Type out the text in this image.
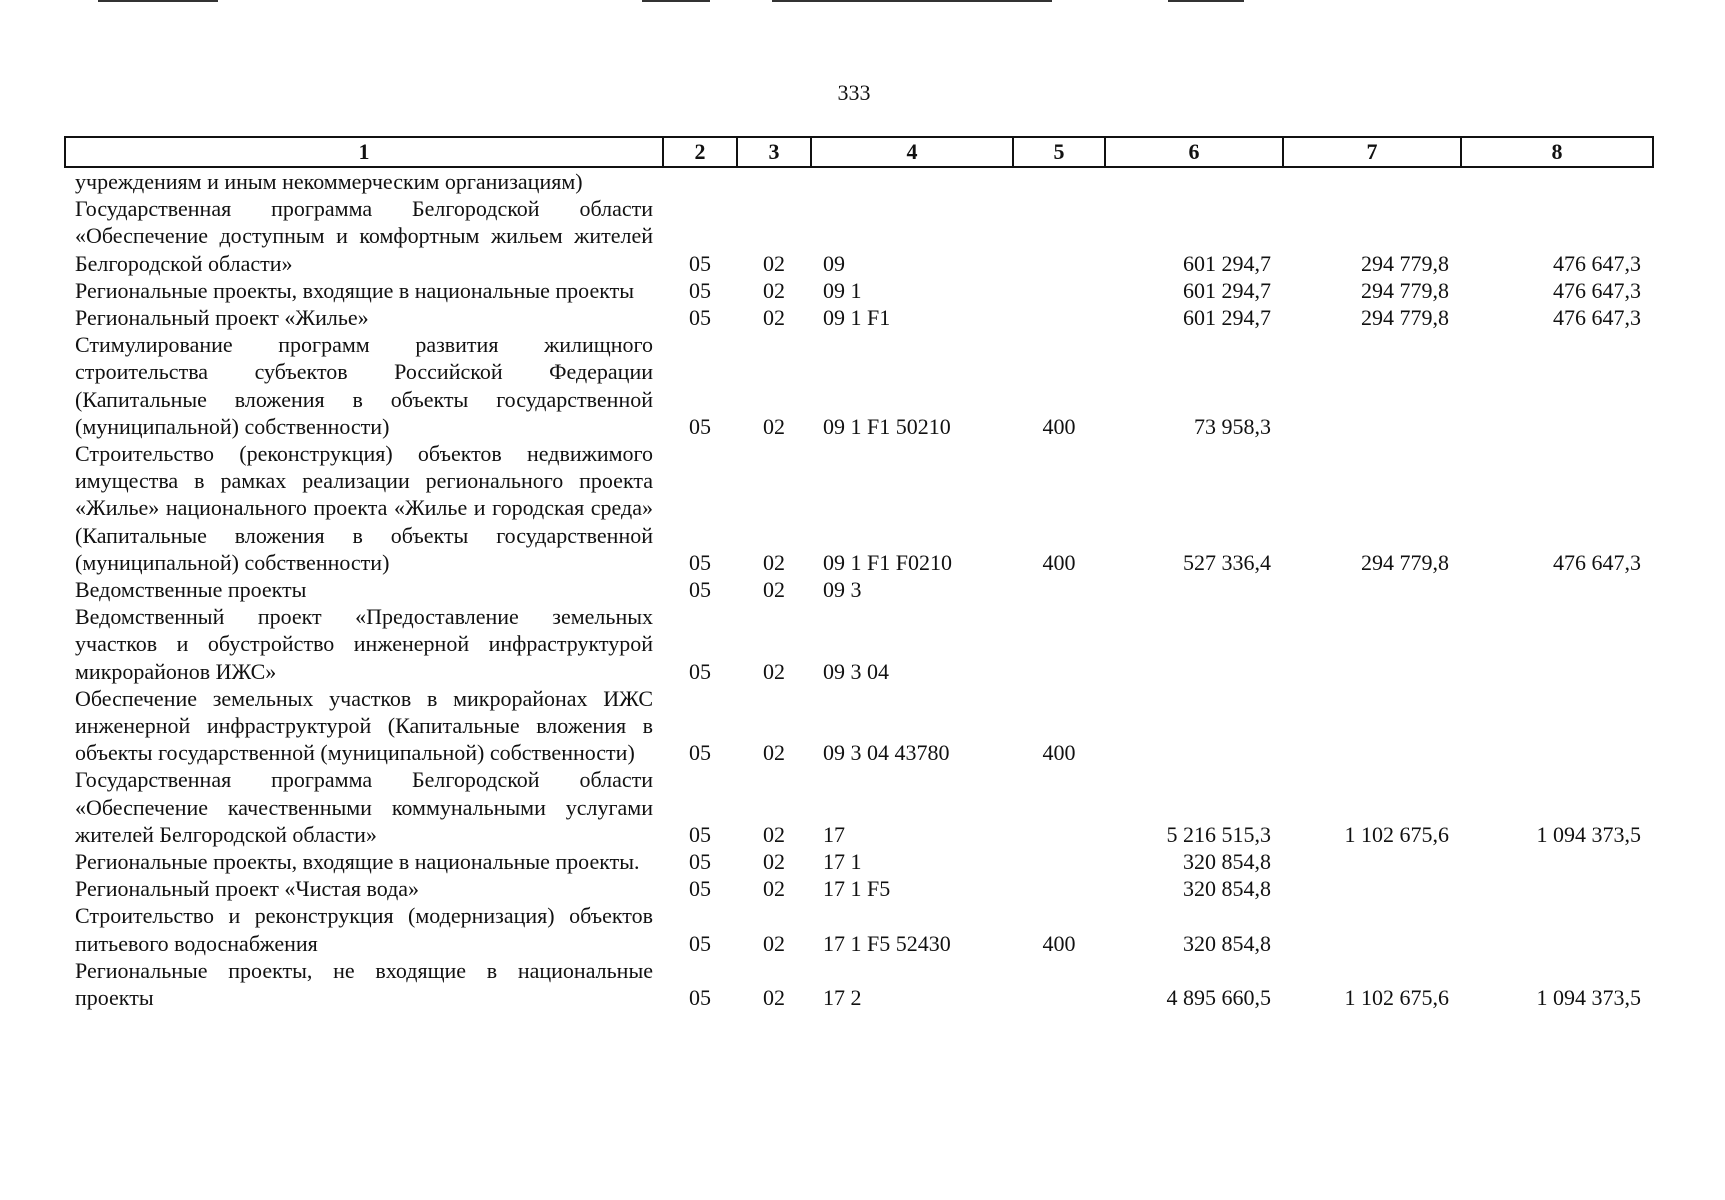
333
1	2	3	4	5	6	7	8
учреждениям и иным некоммерческим организациям)							
Государственная программа Белгородской области «Обеспечение доступным и комфортным жильем жителей Белгородской области»	05	02	09		601 294,7	294 779,8	476 647,3
Региональные проекты, входящие в национальные проекты	05	02	09 1		601 294,7	294 779,8	476 647,3
Региональный проект «Жилье»	05	02	09 1 F1		601 294,7	294 779,8	476 647,3
Стимулирование программ развития жилищного строительства субъектов Российской Федерации (Капитальные вложения в объекты государственной (муниципальной) собственности)	05	02	09 1 F1 50210	400	73 958,3		
Строительство (реконструкция) объектов недвижимого имущества в рамках реализации регионального проекта «Жилье» национального проекта «Жилье и городская среда» (Капитальные вложения в объекты государственной (муниципальной) собственности)	05	02	09 1 F1 F0210	400	527 336,4	294 779,8	476 647,3
Ведомственные проекты	05	02	09 3				
Ведомственный проект «Предоставление земельных участков и обустройство инженерной инфраструктурой микрорайонов ИЖС»	05	02	09 3 04				
Обеспечение земельных участков в микрорайонах ИЖС инженерной инфраструктурой (Капитальные вложения в объекты государственной (муниципальной) собственности)	05	02	09 3 04 43780	400			
Государственная программа Белгородской области «Обеспечение качественными коммунальными услугами жителей Белгородской области»	05	02	17		5 216 515,3	1 102 675,6	1 094 373,5
Региональные проекты, входящие в национальные проекты.	05	02	17 1		320 854,8		
Региональный проект «Чистая вода»	05	02	17 1 F5		320 854,8		
Строительство и реконструкция (модернизация) объектов питьевого водоснабжения	05	02	17 1 F5 52430	400	320 854,8		
Региональные проекты, не входящие в национальные проекты	05	02	17 2		4 895 660,5	1 102 675,6	1 094 373,5
